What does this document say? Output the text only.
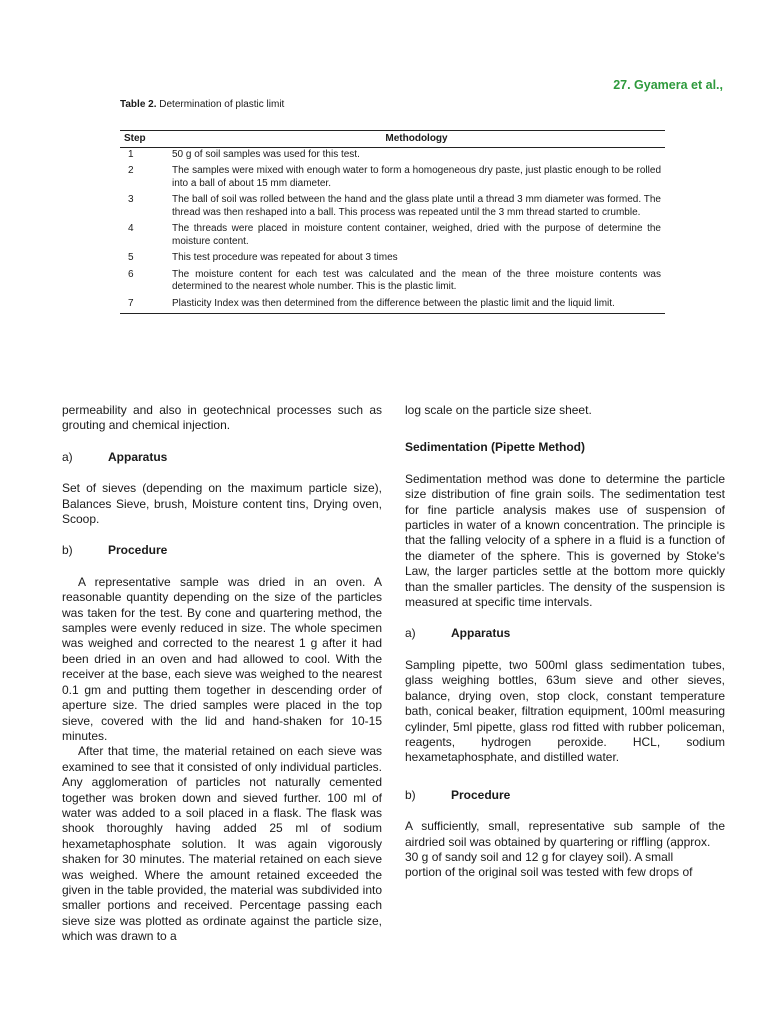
27. Gyamera et al.,
Table 2. Determination of plastic limit
Step	Methodology
1	50 g of soil samples was used for this test.
2	The samples were mixed with enough water to form a homogeneous dry paste, just plastic enough to be rolled into a ball of about 15 mm diameter.
3	The ball of soil was rolled between the hand and the glass plate until a thread 3 mm diameter was formed. The thread was then reshaped into a ball. This process was repeated until the 3 mm thread started to crumble.
4	The threads were placed in moisture content container, weighed, dried with the purpose of determine the moisture content.
5	This test procedure was repeated for about 3 times
6	The moisture content for each test was calculated and the mean of the three moisture contents was determined to the nearest whole number. This is the plastic limit.
7	Plasticity Index was then determined from the difference between the plastic limit and the liquid limit.

permeability and also in geotechnical processes such as grouting and chemical injection.

a)	Apparatus

Set of sieves (depending on the maximum particle size), Balances Sieve, brush, Moisture content tins, Drying oven, Scoop.

b)	Procedure

A representative sample was dried in an oven. A reasonable quantity depending on the size of the particles was taken for the test. By cone and quartering method, the samples were evenly reduced in size. The whole specimen was weighed and corrected to the nearest 1 g after it had been dried in an oven and had allowed to cool. With the receiver at the base, each sieve was weighed to the nearest 0.1 gm and putting them together in descending order of aperture size. The dried samples were placed in the top sieve, covered with the lid and hand-shaken for 10-15 minutes.

After that time, the material retained on each sieve was examined to see that it consisted of only individual particles. Any agglomeration of particles not naturally cemented together was broken down and sieved further. 100 ml of water was added to a soil placed in a flask. The flask was shook thoroughly having added 25 ml of sodium hexametaphosphate solution. It was again vigorously shaken for 30 minutes. The material retained on each sieve was weighed. Where the amount retained exceeded the given in the table provided, the material was subdivided into smaller portions and received. Percentage passing each sieve size was plotted as ordinate against the particle size, which was drawn to a

log scale on the particle size sheet.

Sedimentation (Pipette Method)

Sedimentation method was done to determine the particle size distribution of fine grain soils. The sedimentation test for fine particle analysis makes use of suspension of particles in water of a known concentration. The principle is that the falling velocity of a sphere in a fluid is a function of the diameter of the sphere. This is governed by Stoke's Law, the larger particles settle at the bottom more quickly than the smaller particles. The density of the suspension is measured at specific time intervals.

a)	Apparatus

Sampling pipette, two 500ml glass sedimentation tubes, glass weighing bottles, 63um sieve and other sieves, balance, drying oven, stop clock, constant temperature bath, conical beaker, filtration equipment, 100ml measuring cylinder, 5ml pipette, glass rod fitted with rubber policeman, reagents, hydrogen peroxide. HCL, sodium hexametaphosphate, and distilled water.

b)	Procedure

A sufficiently, small, representative sub sample of the airdried soil was obtained by quartering or riffling (approx.

30 g of sandy soil and 12 g for clayey soil). A small

portion of the original soil was tested with few drops of
